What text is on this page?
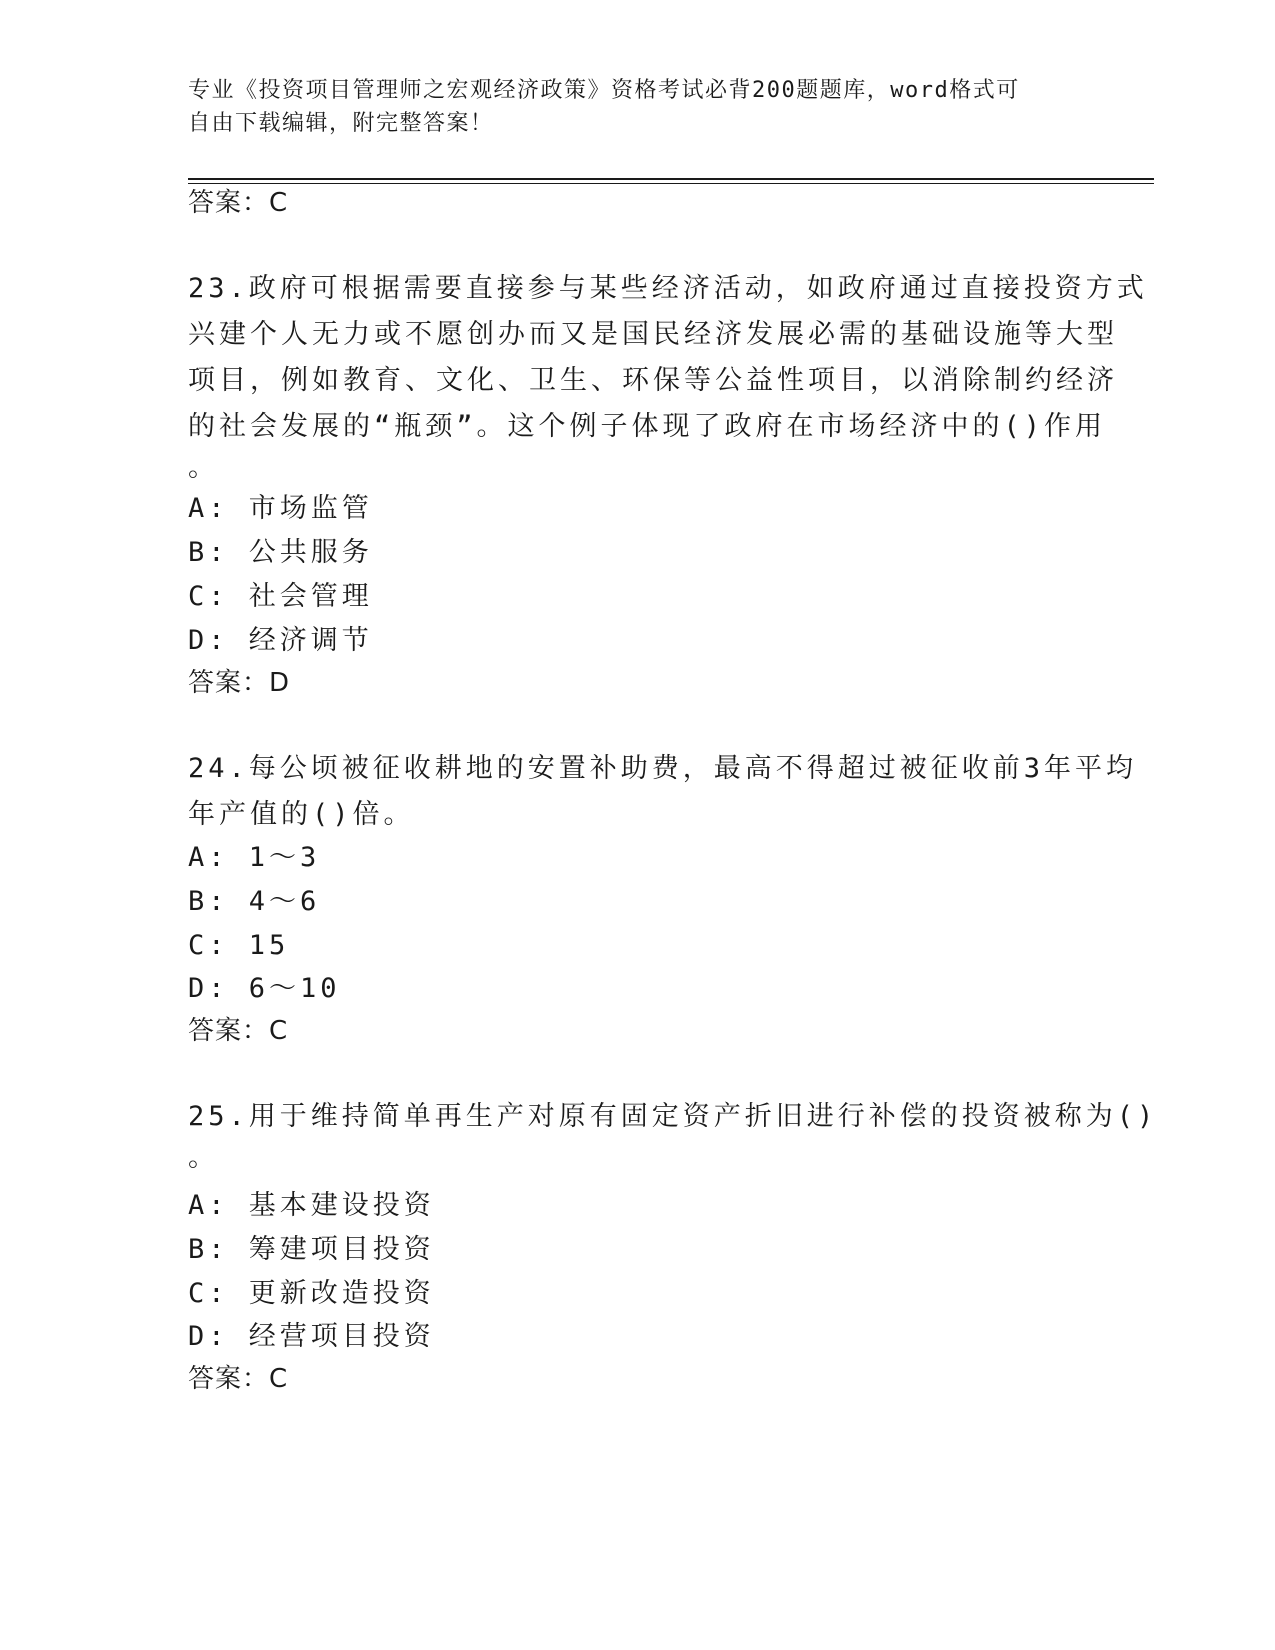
专业《投资项目管理师之宏观经济政策》资格考试必背200题题库，word格式可
自由下载编辑，附完整答案！
答案：C
23.政府可根据需要直接参与某些经济活动，如政府通过直接投资方式
兴建个人无力或不愿创办而又是国民经济发展必需的基础设施等大型
项目，例如教育、文化、卫生、环保等公益性项目，以消除制约经济
的社会发展的“瓶颈”。这个例子体现了政府在市场经济中的()作用
。
A: 市场监管
B: 公共服务
C: 社会管理
D: 经济调节
答案：D
24.每公顷被征收耕地的安置补助费，最高不得超过被征收前3年平均
年产值的()倍。
A: 1～3
B: 4～6
C: 15
D: 6～10
答案：C
25.用于维持简单再生产对原有固定资产折旧进行补偿的投资被称为()
。
A: 基本建设投资
B: 筹建项目投资
C: 更新改造投资
D: 经营项目投资
答案：C
